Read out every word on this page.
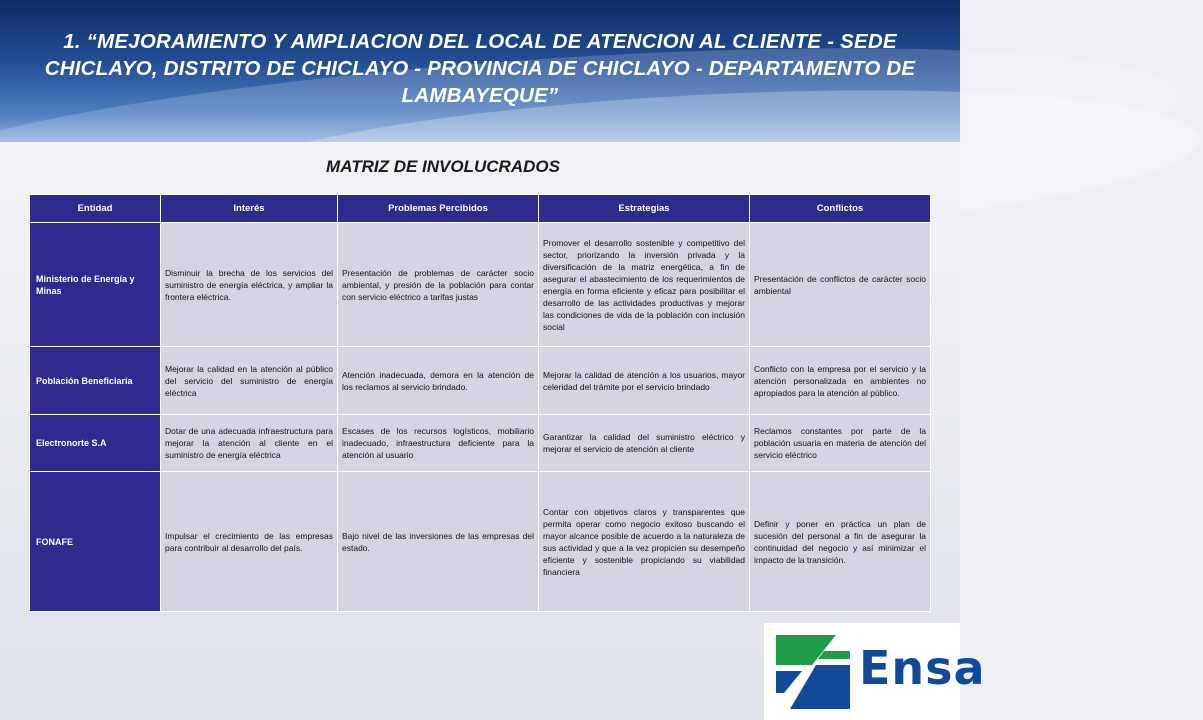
1. “MEJORAMIENTO Y AMPLIACION DEL LOCAL DE ATENCION AL CLIENTE - SEDE CHICLAYO, DISTRITO DE CHICLAYO - PROVINCIA DE CHICLAYO - DEPARTAMENTO DE LAMBAYEQUE”
MATRIZ DE INVOLUCRADOS
Entidad	Interés	Problemas Percibidos	Estrategias	Conflictos
Ministerio de Energía y Minas	Disminuir la brecha de los servicios del suministro de energía eléctrica, y ampliar la frontera eléctrica.	Presentación de problemas de carácter socio ambiental, y presión de la población para contar con servicio eléctrico a tarifas justas	Promover el desarrollo sostenible y competitivo del sector, priorizando la inversión privada y la diversificación de la matriz energética, a fin de asegurar el abastecimiento de los requerimientos de energía en forma eficiente y eficaz para posibilitar el desarrollo de las actividades productivas y mejorar las condiciones de vida de la población con inclusión social	Presentación de conflictos de carácter socio ambiental
Población Beneficiaria	Mejorar la calidad en la atención al público del servicio del suministro de energía eléctrica	Atención inadecuada, demora en la atención de los reclamos al servicio brindado.	Mejorar la calidad de atención a los usuarios, mayor celeridad del trámite por el servicio brindado	Conflicto con la empresa por el servicio y la atención personalizada en ambientes no apropiados para la atención al público.
Electronorte S.A	Dotar de una adecuada infraestructura para mejorar la atención al cliente en el suministro de energía eléctrica	Escases de los recursos logísticos, mobiliario inadecuado, infraestructura deficiente para la atención al usuario	Garantizar la calidad del suministro eléctrico y mejorar el servicio de atención al cliente	Reclamos constantes por parte de la población usuaria en materia de atención del servicio eléctrico
FONAFE	Impulsar el crecimiento de las empresas para contribuir al desarrollo del país.	Bajo nivel de las inversiones de las empresas del estado.	Contar con objetivos claros y transparentes que permita operar como negocio exitoso buscando el mayor alcance posible de acuerdo a la naturaleza de sus actividad y que a la vez propicien su desempeño eficiente y sostenible propiciando su viabilidad financiera	Definir y poner en práctica un plan de sucesión del personal a fin de asegurar la continuidad del negocio y así minimizar el impacto de la transición.
Ensa
